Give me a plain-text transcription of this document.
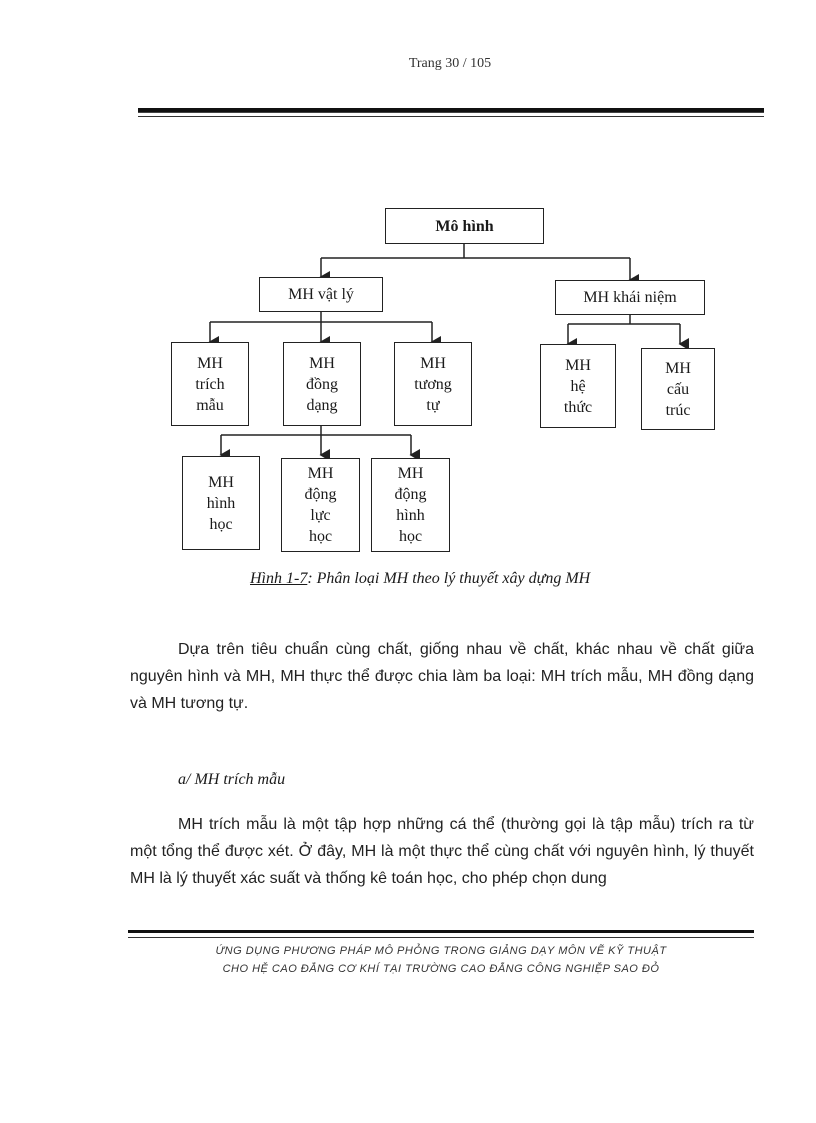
Trang 30 / 105
Mô hình
MH vật lý	MH khái niệm
MH
trích
mẫu
MH
đồng
dạng
MH
tương
tự
MH
hệ
thức
MH
cấu
trúc
MH
hình
học
MH
động
lực
học
MH
động
hình
học
Hình 1-7: Phân loại MH theo lý thuyết xây dựng MH
Dựa trên tiêu chuẩn cùng chất, giống nhau về chất, khác nhau về chất giữa nguyên hình và MH, MH thực thể được chia làm ba loại: MH trích mẫu, MH đồng dạng và MH tương tự.
a/ MH trích mẫu
MH trích mẫu là một tập hợp những cá thể (thường gọi là tập mẫu) trích ra từ một tổng thể được xét. Ở đây, MH là một thực thể cùng chất với nguyên hình, lý thuyết MH là lý thuyết xác suất và thống kê toán học, cho phép chọn dung
ỨNG DỤNG PHƯƠNG PHÁP MÔ PHỎNG TRONG GIẢNG DẠY MÔN VẼ KỸ THUẬT
CHO HỆ CAO ĐẲNG CƠ KHÍ TẠI TRƯỜNG CAO ĐẲNG CÔNG NGHIỆP SAO ĐỎ
